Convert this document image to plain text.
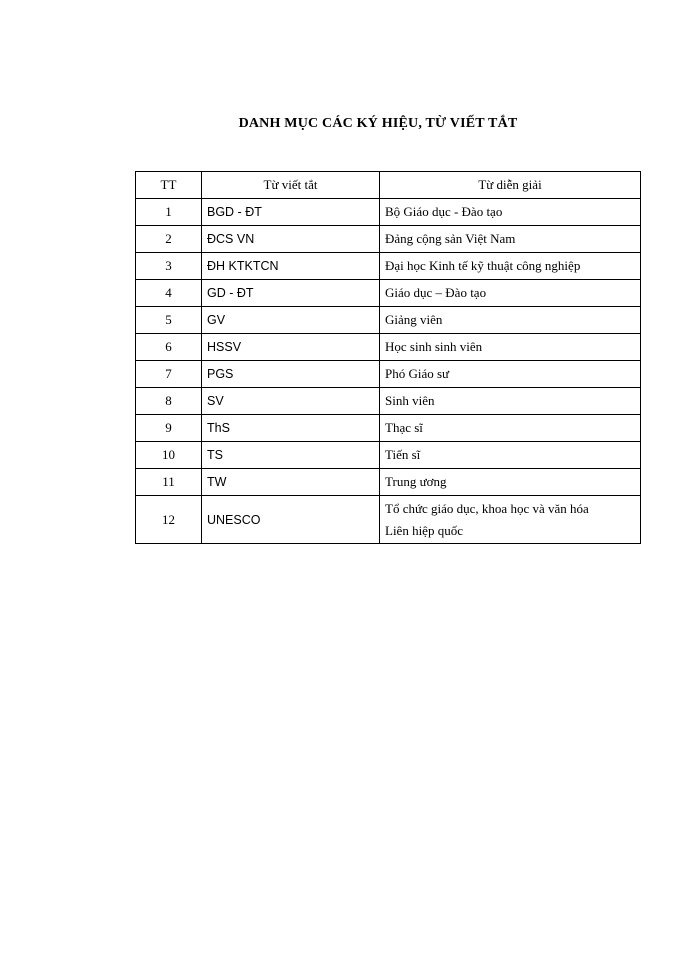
DANH MỤC CÁC KÝ HIỆU, TỪ VIẾT TẮT
TT	Từ viết tắt	Từ diễn giải
1	BGD - ĐT	Bộ Giáo dục - Đào tạo
2	ĐCS VN	Đảng cộng sản Việt Nam
3	ĐH KTKTCN	Đại học Kinh tế kỹ thuật công nghiệp
4	GD - ĐT	Giáo dục – Đào tạo
5	GV	Giảng viên
6	HSSV	Học sinh sinh viên
7	PGS	Phó Giáo sư
8	SV	Sinh viên
9	ThS	Thạc sĩ
10	TS	Tiến sĩ
11	TW	Trung ương
12	UNESCO	Tổ chức giáo dục, khoa học và văn hóa
Liên hiệp quốc
